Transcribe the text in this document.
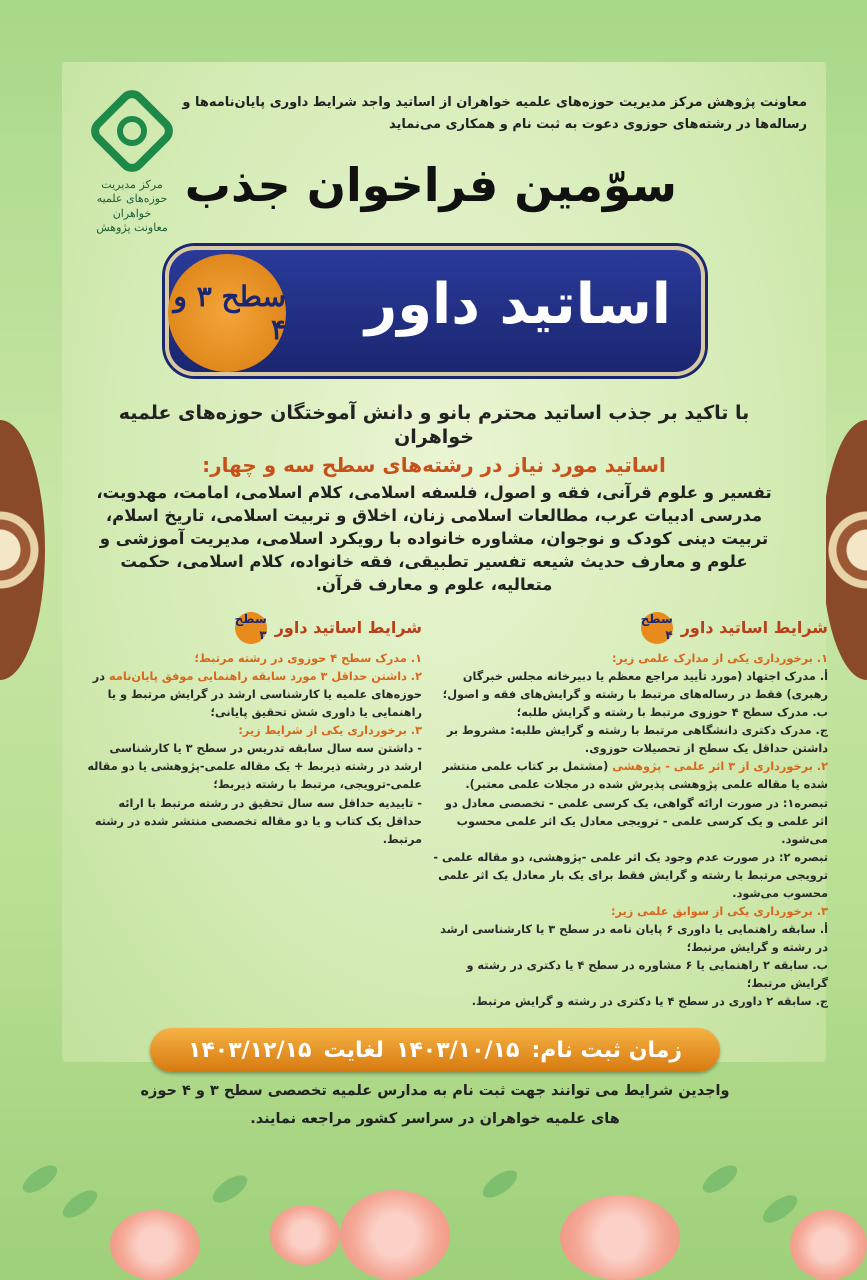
مرکز مدیریت حوزه‌های علمیه خواهران
معاونت پژوهش
معاونت پژوهش مرکز مدیریت حوزه‌های علمیه خواهران از اساتید واجد شرایط داوری پایان‌نامه‌ها و رساله‌ها در رشته‌های حوزوی دعوت به ثبت نام و همکاری می‌نماید
سوّمین فراخوان جذب
اساتید داور
سطح ۳ و ۴
با تاکید بر جذب اساتید محترم بانو و دانش آموختگان حوزه‌های علمیه خواهران
اساتید مورد نیاز در رشته‌های سطح سه و چهار:
تفسیر و علوم قرآنی، فقه و اصول، فلسفه اسلامی، کلام اسلامی، امامت، مهدویت، مدرسی ادبیات عرب، مطالعات اسلامی زنان، اخلاق و تربیت اسلامی، تاریخ اسلام، تربیت دینی کودک و نوجوان، مشاوره خانواده با رویکرد اسلامی، مدیریت آموزشی و علوم و معارف حدیث شیعه تفسیر تطبیقی، فقه خانواده، کلام اسلامی، حکمت متعالیه، علوم و معارف قرآن.
شرایط اساتید داور
سطح ۴
۱. برخورداری یکی از مدارک علمی زیر:
أ. مدرک اجتهاد (مورد تأیید مراجع معظم یا دبیرخانه مجلس خبرگان رهبری) فقط در رساله‌های مرتبط با رشته و گرایش‌های فقه و اصول؛
ب. مدرک سطح ۴ حوزوی مرتبط با رشته و گرایش طلبه؛
ج. مدرک دکتری دانشگاهی مرتبط با رشته و گرایش طلبه: مشروط بر داشتن حداقل یک سطح از تحصیلات حوزوی.
۲. برخورداری از ۳ اثر علمی - پژوهشی (مشتمل بر کتاب علمی منتشر شده یا مقاله علمی پژوهشی پذیرش شده در مجلات علمی معتبر).
تبصره۱: در صورت ارائه گواهی، یک کرسی علمی - تخصصی معادل دو اثر علمی و یک کرسی علمی - ترویجی معادل یک اثر علمی محسوب می‌شود.
تبصره ۲: در صورت عدم وجود یک اثر علمی -پژوهشی، دو مقاله علمی - ترویجی مرتبط با رشته و گرایش فقط برای یک بار معادل یک اثر علمی محسوب می‌شود.
۳. برخورداری یکی از سوابق علمی زیر:
أ. سابقه راهنمایی یا داوری ۶ پایان نامه در سطح ۳ یا کارشناسی ارشد در رشته و گرایش مرتبط؛
ب. سابقه ۲ راهنمایی یا ۶ مشاوره در سطح ۴ یا دکتری در رشته و گرایش مرتبط؛
ج. سابقه ۲ داوری در سطح ۴ یا دکتری در رشته و گرایش مرتبط.
شرایط اساتید داور
سطح ۳
۱. مدرک سطح ۴ حوزوی در رشته مرتبط؛
۲. داشتن حداقل ۳ مورد سابقه راهنمایی موفق پایان‌نامه در حوزه‌های علمیه یا کارشناسی ارشد در گرایش مرتبط و یا راهنمایی یا داوری شش تحقیق پایانی؛
۳. برخورداری یکی از شرایط زیر:
- داشتن سه سال سابقه تدریس در سطح ۳ یا کارشناسی ارشد در رشته ذیربط + یک مقاله علمی-پژوهشی یا دو مقاله علمی-ترویجی، مرتبط با رشته ذیربط؛
- تاییدیه حداقل سه سال تحقیق در رشته مرتبط با ارائه حداقل یک کتاب و یا دو مقاله تخصصی منتشر شده در رشته مرتبط.
زمان ثبت نام:
۱۴۰۳/۱۰/۱۵
لغایت
۱۴۰۳/۱۲/۱۵
واجدین شرایط می توانند جهت ثبت نام به مدارس علمیه تخصصی سطح ۳ و ۴ حوزه های علمیه خواهران در سراسر کشور مراجعه نمایند.
